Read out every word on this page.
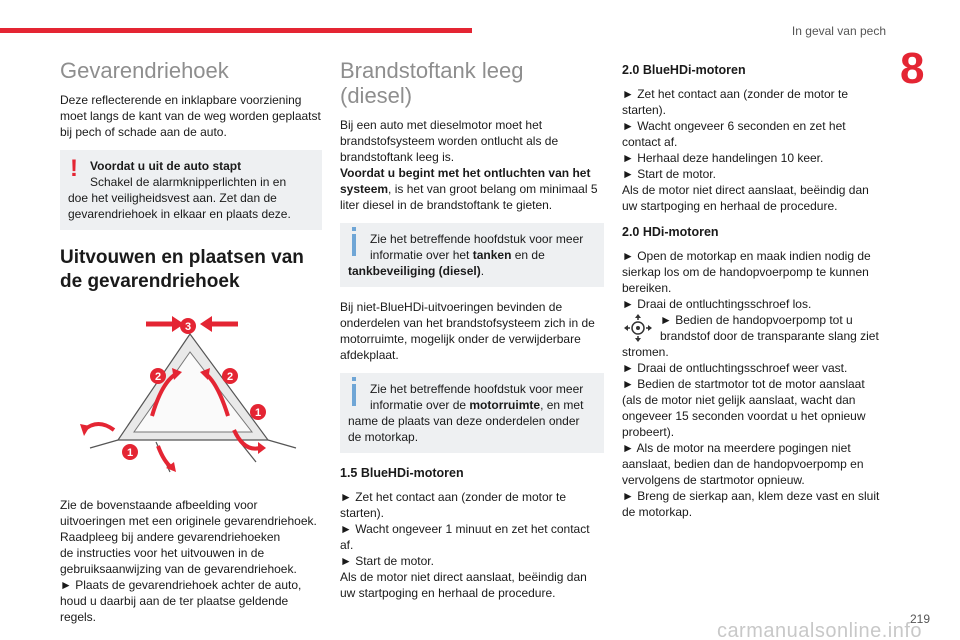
In geval van pech
8
Gevarendriehoek
Deze reflecterende en inklapbare voorziening
moet langs de kant van de weg worden geplaatst
bij pech of schade aan de auto.
!	Voordat u uit de auto stapt
Schakel de alarmknipperlichten in en
doe het veiligheidsvest aan. Zet dan de
gevarendriehoek in elkaar en plaats deze.
Uitvouwen en plaatsen van
de gevarendriehoek
3
2	2
1
1
Zie de bovenstaande afbeelding voor
uitvoeringen met een originele gevarendriehoek.
Raadpleeg bij andere gevarendriehoeken
de instructies voor het uitvouwen in de
gebruiksaanwijzing van de gevarendriehoek.
► Plaats de gevarendriehoek achter de auto,
houd u daarbij aan de ter plaatse geldende
regels.
Brandstoftank leeg
(diesel)
Bij een auto met dieselmotor moet het
brandstofsysteem worden ontlucht als de
brandstoftank leeg is.
Voordat u begint met het ontluchten van het
systeem, is het van groot belang om minimaal 5
liter diesel in de brandstoftank te gieten.
Zie het betreffende hoofdstuk voor meer
informatie over het tanken en de
tankbeveiliging (diesel).
Bij niet-BlueHDi-uitvoeringen bevinden de
onderdelen van het brandstofsysteem zich in de
motorruimte, mogelijk onder de verwijderbare
afdekplaat.
Zie het betreffende hoofdstuk voor meer
informatie over de motorruimte, en met
name de plaats van deze onderdelen onder
de motorkap.
1.5 BlueHDi-motoren
► Zet het contact aan (zonder de motor te
starten).
► Wacht ongeveer 1 minuut en zet het contact
af.
► Start de motor.
Als de motor niet direct aanslaat, beëindig dan
uw startpoging en herhaal de procedure.
2.0 BlueHDi-motoren
► Zet het contact aan (zonder de motor te
starten).
► Wacht ongeveer 6 seconden en zet het
contact af.
► Herhaal deze handelingen 10 keer.
► Start de motor.
Als de motor niet direct aanslaat, beëindig dan
uw startpoging en herhaal de procedure.
2.0 HDi-motoren
► Open de motorkap en maak indien nodig de
sierkap los om de handopvoerpomp te kunnen
bereiken.
► Draai de ontluchtingsschroef los.
► Bedien de handopvoerpomp tot u
brandstof door de transparante slang ziet
stromen.
► Draai de ontluchtingsschroef weer vast.
► Bedien de startmotor tot de motor aanslaat
(als de motor niet gelijk aanslaat, wacht dan
ongeveer 15 seconden voordat u het opnieuw
probeert).
► Als de motor na meerdere pogingen niet
aanslaat, bedien dan de handopvoerpomp en
vervolgens de startmotor opnieuw.
► Breng de sierkap aan, klem deze vast en sluit
de motorkap.
219
carmanualsonline.info
